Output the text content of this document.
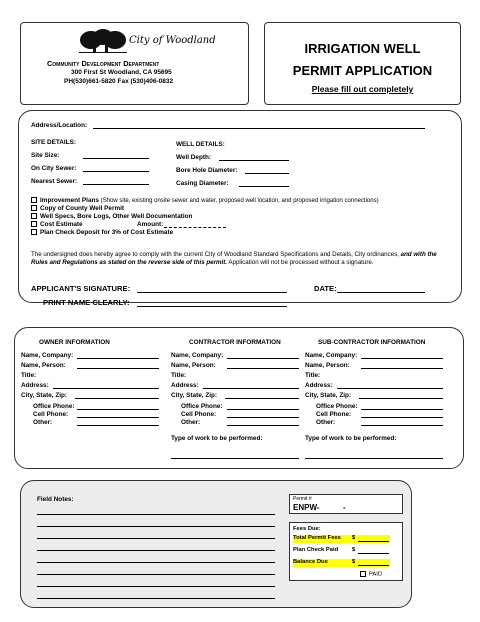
City of Woodland
Community Development Department
300 First St Woodland, CA 95695
PH(530)661-5820 Fax (530)406-0832
IRRIGATION WELL
PERMIT APPLICATION
Please fill out completely
Address/Location:
SITE DETAILS:
Site Size:
On City Sewer:
Nearest Sewer:
WELL DETAILS:
Well Depth:
Bore Hole Diameter:
Casing Diameter:
Improvement Plans (Show site, existing onsite sewer and water, proposed well location, and proposed irrigation connections)
Copy of County Well Permit
Well Specs, Bore Logs, Other Well Documentation
Cost Estimate	Amount:
Plan Check Deposit for 3% of Cost Estimate
The undersigned does hereby agree to comply with the current City of Woodland Standard Specifications and Details, City ordinances, and with the Rules and Regulations as stated on the reverse side of this permit. Application will not be processed without a signature.
APPLICANT'S SIGNATURE:	DATE:
PRINT NAME CLEARLY:
OWNER INFORMATION	CONTRACTOR INFORMATION	SUB-CONTRACTOR INFORMATION
Name, Company:
Name, Person:
Title:
Address:
City, State, Zip:
Office Phone:
Cell Phone:
Other:
Name, Company:
Name, Person:
Title:
Address:
City, State, Zip:
Office Phone:
Cell Phone:
Other:
Type of work to be performed:
Name, Company:
Name, Person:
Title:
Address:
City, State, Zip:
Office Phone:
Cell Phone:
Other:
Type of work to be performed:
Field Notes:	Permit #
ENPW-	-
Fees Due:
Total Permit Fees $
Plan Check Paid $
Balance Due	$
PAID
